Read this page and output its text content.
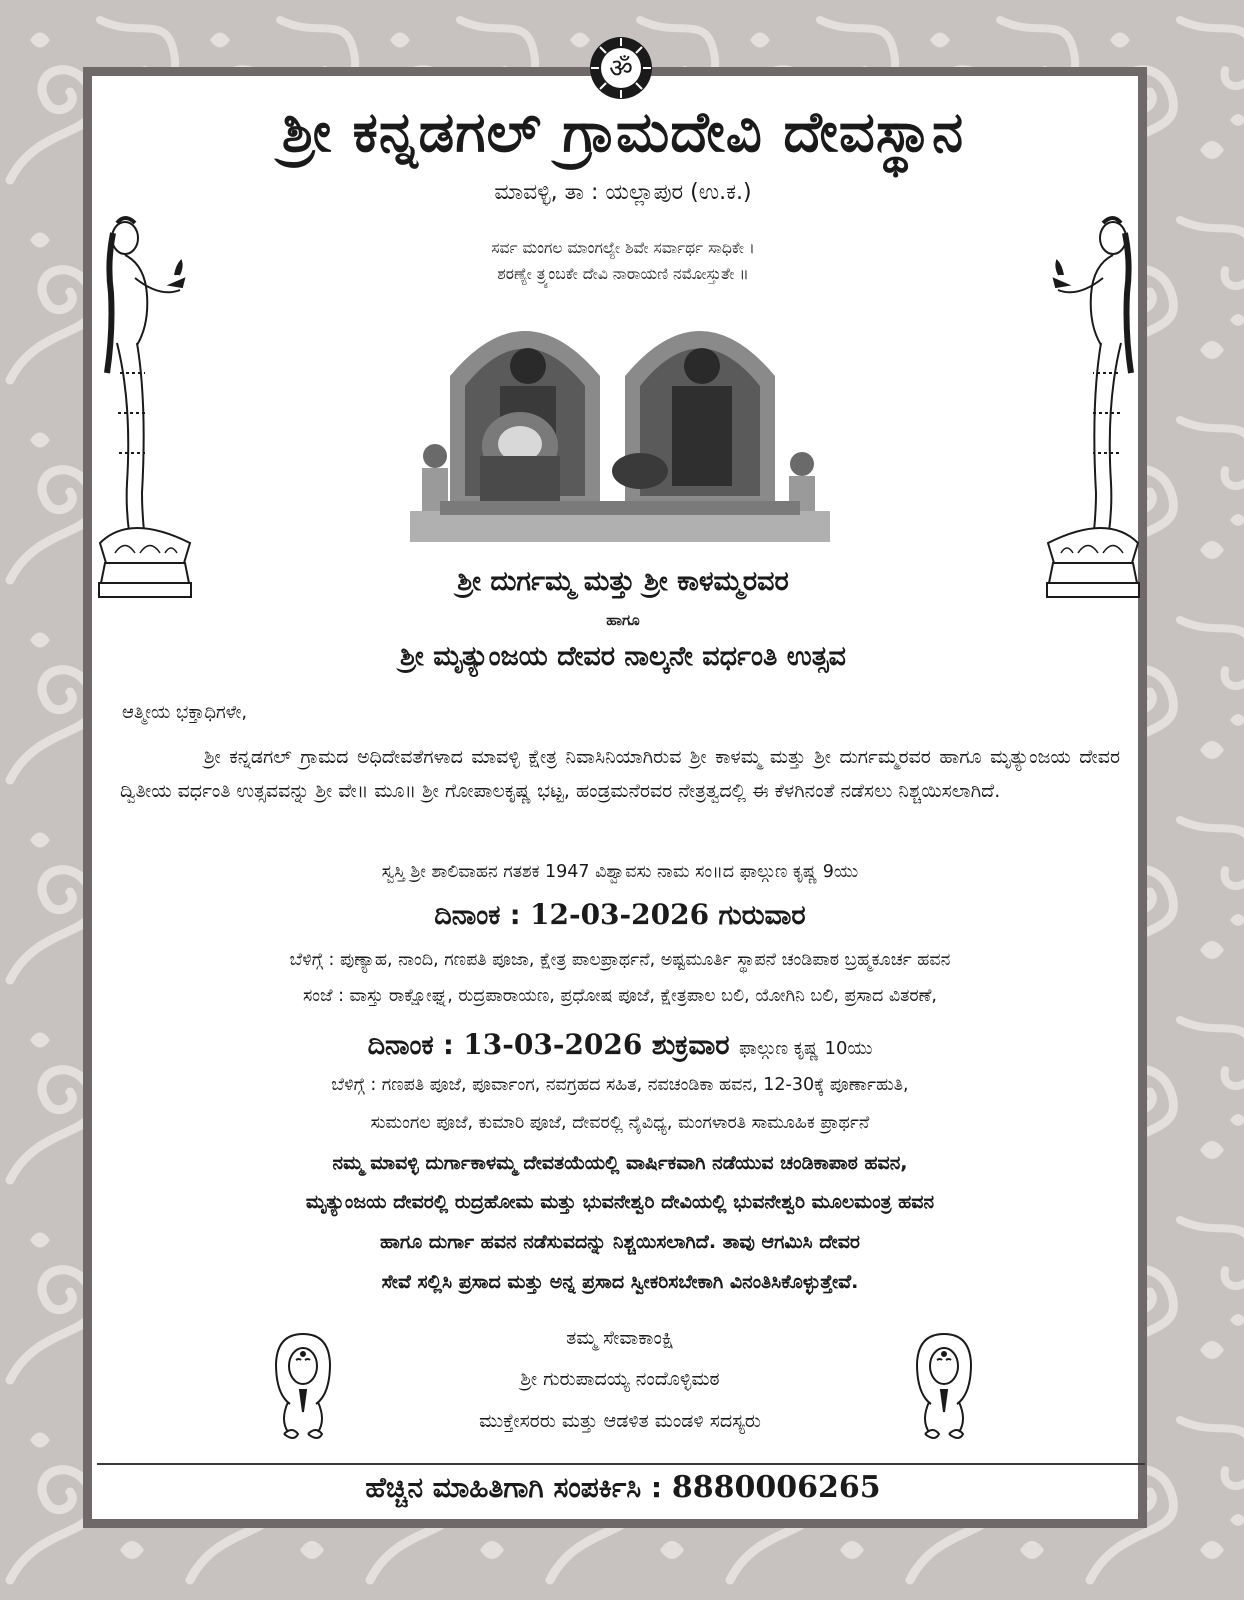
ॐ
ಶ್ರೀ ಕನ್ನಡಗಲ್ ಗ್ರಾಮದೇವಿ ದೇವಸ್ಥಾನ
ಮಾವಳ್ಳಿ, ತಾ : ಯಲ್ಲಾಪುರ (ಉ.ಕ.)
ಸರ್ವ ಮಂಗಲ ಮಾಂಗಲ್ಯೇ ಶಿವೇ ಸರ್ವಾರ್ಥ ಸಾಧಿಕೇ ।
ಶರಣ್ಯೇ ತ್ರ್ಯಂಬಕೇ ದೇವಿ ನಾರಾಯಣಿ ನಮೋಸ್ತುತೇ ॥
ಶ್ರೀ ದುರ್ಗಮ್ಮ ಮತ್ತು ಶ್ರೀ ಕಾಳಮ್ಮರವರ
ಹಾಗೂ
ಶ್ರೀ ಮೃತ್ಯುಂಜಯ ದೇವರ ನಾಲ್ಕನೇ ವರ್ಧಂತಿ ಉತ್ಸವ
ಆತ್ಮೀಯ ಭಕ್ತಾಧಿಗಳೇ,
ಶ್ರೀ ಕನ್ನಡಗಲ್ ಗ್ರಾಮದ ಅಧಿದೇವತೆಗಳಾದ ಮಾವಳ್ಳಿ ಕ್ಷೇತ್ರ ನಿವಾಸಿನಿಯಾಗಿರುವ ಶ್ರೀ ಕಾಳಮ್ಮ ಮತ್ತು ಶ್ರೀ ದುರ್ಗಮ್ಮರವರ ಹಾಗೂ ಮೃತ್ಯುಂಜಯ ದೇವರ ದ್ವಿತೀಯ ವರ್ಧಂತಿ ಉತ್ಸವವನ್ನು ಶ್ರೀ ವೇ॥ ಮೂ॥ ಶ್ರೀ ಗೋಪಾಲಕೃಷ್ಣ ಭಟ್ಟ, ಹಂಡ್ರಮನೆರವರ ನೇತ್ರತ್ವದಲ್ಲಿ ಈ ಕೆಳಗಿನಂತೆ ನಡೆಸಲು ನಿಶ್ಚಯಿಸಲಾಗಿದೆ.
ಸ್ವಸ್ತಿ ಶ್ರೀ ಶಾಲಿವಾಹನ ಗತಶಕ 1947 ವಿಶ್ವಾವಸು ನಾಮ ಸಂ॥ದ ಫಾಲ್ಗುಣ ಕೃಷ್ಣ 9ಯು
ದಿನಾಂಕ : 12-03-2026 ಗುರುವಾರ
ಬೆಳಿಗ್ಗೆ : ಪುಣ್ಯಾಹ, ನಾಂದಿ, ಗಣಪತಿ ಪೂಜಾ, ಕ್ಷೇತ್ರ ಪಾಲಪ್ರಾರ್ಥನೆ, ಅಷ್ಟಮೂರ್ತಿ ಸ್ಥಾಪನೆ ಚಂಡಿಪಾಠ ಬ್ರಹ್ಮಕೂರ್ಚ ಹವನ
ಸಂಜೆ : ವಾಸ್ತು ರಾಕ್ಷೋಘ್ನ, ರುದ್ರಪಾರಾಯಣ, ಪ್ರಧೋಷ ಪೂಜೆ, ಕ್ಷೇತ್ರಪಾಲ ಬಲಿ, ಯೋಗಿನಿ ಬಲಿ, ಪ್ರಸಾದ ವಿತರಣೆ,
ದಿನಾಂಕ : 13-03-2026 ಶುಕ್ರವಾರ ಫಾಲ್ಗುಣ ಕೃಷ್ಣ 10ಯು
ಬೆಳಿಗ್ಗೆ : ಗಣಪತಿ ಪೂಜೆ, ಪೂರ್ವಾಂಗ, ನವಗ್ರಹದ ಸಹಿತ, ನವಚಂಡಿಕಾ ಹವನ, 12-30ಕ್ಕೆ ಪೂರ್ಣಾಹುತಿ,
ಸುಮಂಗಲ ಪೂಜೆ, ಕುಮಾರಿ ಪೂಜೆ, ದೇವರಲ್ಲಿ ನೈವಿಧ್ಯ, ಮಂಗಳಾರತಿ ಸಾಮೂಹಿಕ ಪ್ರಾರ್ಥನೆ
ನಮ್ಮ ಮಾವಳ್ಳಿ ದುರ್ಗಾಕಾಳಮ್ಮ ದೇವತಯೆಯಲ್ಲಿ ವಾರ್ಷಿಕವಾಗಿ ನಡೆಯುವ ಚಂಡಿಕಾಪಾಠ ಹವನ,
ಮೃತ್ಯುಂಜಯ ದೇವರಲ್ಲಿ ರುದ್ರಹೋಮ ಮತ್ತು ಭುವನೇಶ್ವರಿ ದೇವಿಯಲ್ಲಿ ಭುವನೇಶ್ವರಿ ಮೂಲಮಂತ್ರ ಹವನ
ಹಾಗೂ ದುರ್ಗಾ ಹವನ ನಡೆಸುವದನ್ನು ನಿಶ್ಚಯಿಸಲಾಗಿದೆ. ತಾವು ಆಗಮಿಸಿ ದೇವರ
ಸೇವೆ ಸಲ್ಲಿಸಿ ಪ್ರಸಾದ ಮತ್ತು ಅನ್ನ ಪ್ರಸಾದ ಸ್ವೀಕರಿಸಬೇಕಾಗಿ ವಿನಂತಿಸಿಕೊಳ್ಳುತ್ತೇವೆ.
ತಮ್ಮ ಸೇವಾಕಾಂಕ್ಷಿ
ಶ್ರೀ ಗುರುಪಾದಯ್ಯ ನಂದೊಳ್ಳಿಮಠ
ಮುಕ್ತೇಸರರು ಮತ್ತು ಆಡಳಿತ ಮಂಡಳಿ ಸದಸ್ಯರು
ಹೆಚ್ಚಿನ ಮಾಹಿತಿಗಾಗಿ ಸಂಪರ್ಕಿಸಿ : 8880006265
